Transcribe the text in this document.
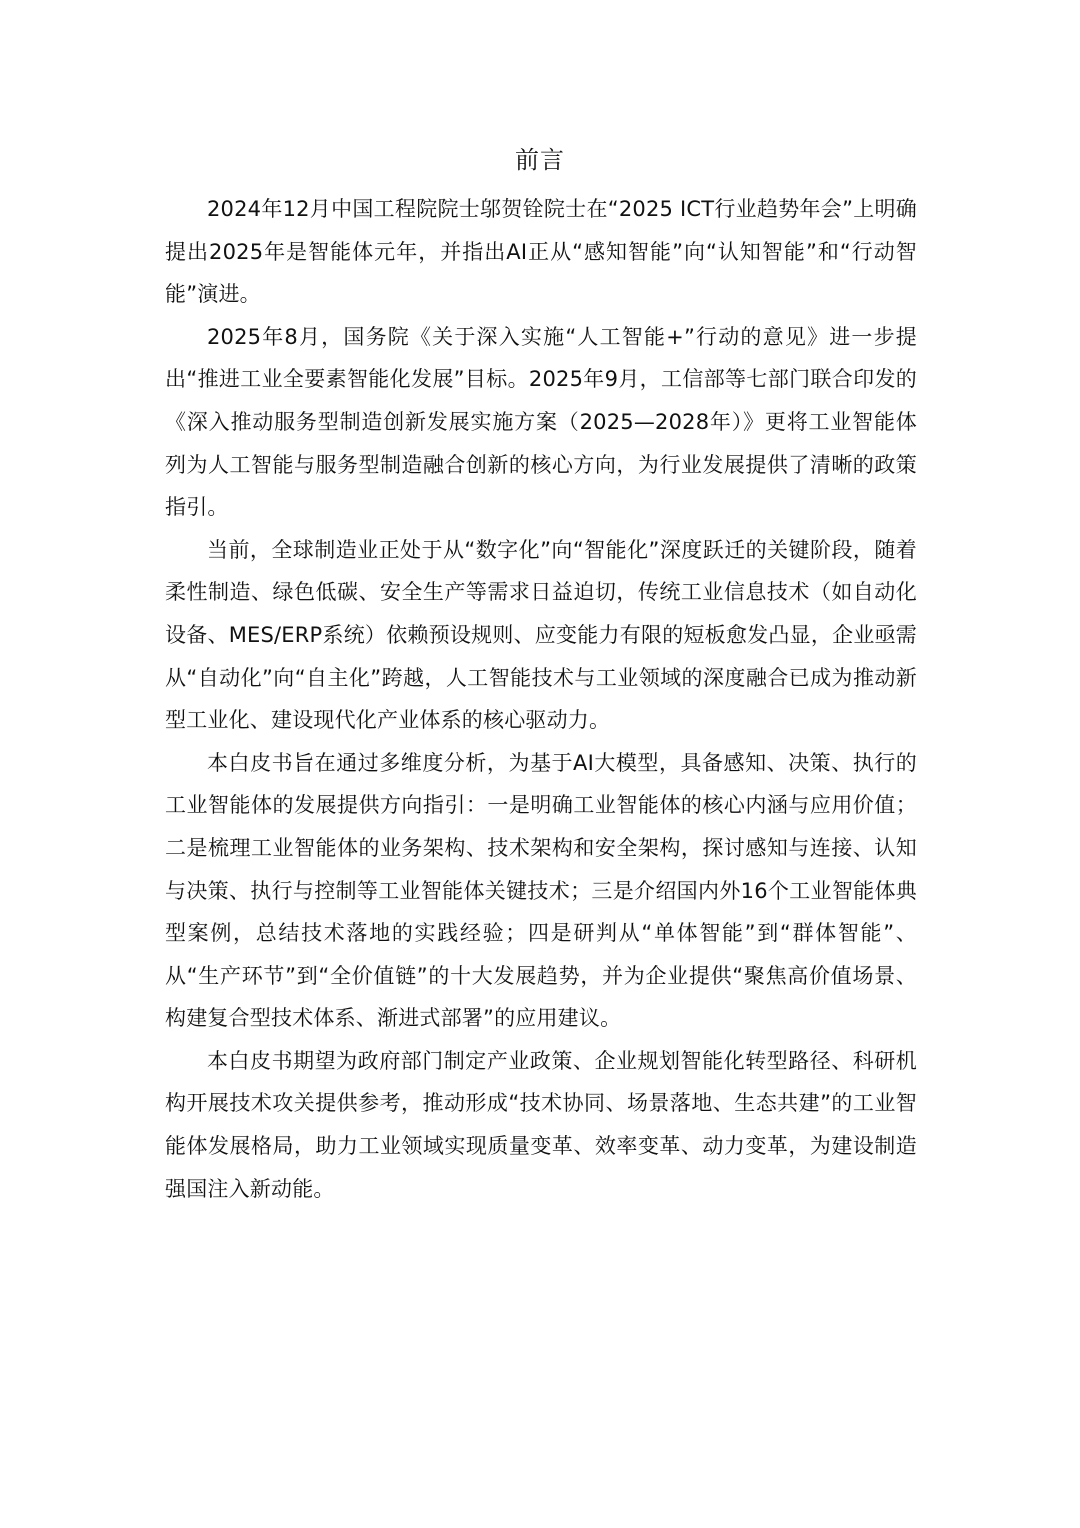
前言

2024年12月中国工程院院士邬贺铨院士在“2025 ICT行业趋势年会”上明确提出2025年是智能体元年，并指出AI正从“感知智能”向“认知智能”和“行动智能”演进。

2025年8月，国务院《关于深入实施“人工智能+”行动的意见》进一步提出“推进工业全要素智能化发展”目标。2025年9月，工信部等七部门联合印发的《深入推动服务型制造创新发展实施方案（2025—2028年）》更将工业智能体列为人工智能与服务型制造融合创新的核心方向，为行业发展提供了清晰的政策指引。

当前，全球制造业正处于从“数字化”向“智能化”深度跃迁的关键阶段，随着柔性制造、绿色低碳、安全生产等需求日益迫切，传统工业信息技术（如自动化设备、MES/ERP系统）依赖预设规则、应变能力有限的短板愈发凸显，企业亟需从“自动化”向“自主化”跨越，人工智能技术与工业领域的深度融合已成为推动新型工业化、建设现代化产业体系的核心驱动力。

本白皮书旨在通过多维度分析，为基于AI大模型，具备感知、决策、执行的工业智能体的发展提供方向指引：一是明确工业智能体的核心内涵与应用价值；二是梳理工业智能体的业务架构、技术架构和安全架构，探讨感知与连接、认知与决策、执行与控制等工业智能体关键技术；三是介绍国内外16个工业智能体典型案例，总结技术落地的实践经验；四是研判从“单体智能”到“群体智能”、从“生产环节”到“全价值链”的十大发展趋势，并为企业提供“聚焦高价值场景、构建复合型技术体系、渐进式部署”的应用建议。

本白皮书期望为政府部门制定产业政策、企业规划智能化转型路径、科研机构开展技术攻关提供参考，推动形成“技术协同、场景落地、生态共建”的工业智能体发展格局，助力工业领域实现质量变革、效率变革、动力变革，为建设制造强国注入新动能。
